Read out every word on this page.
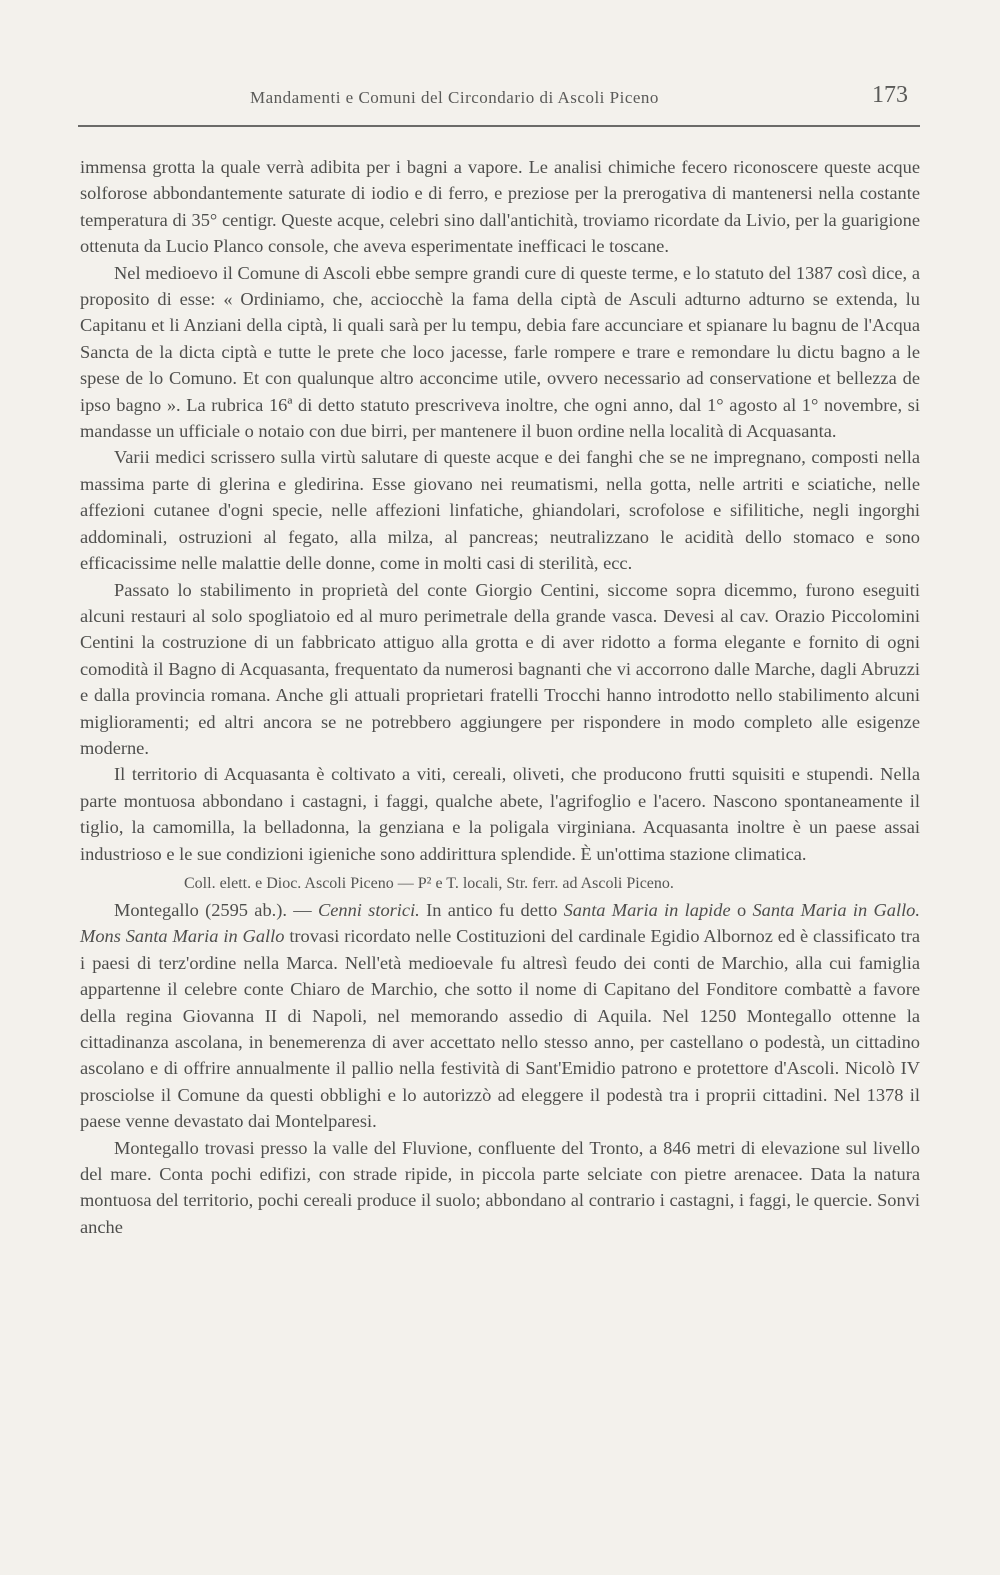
Mandamenti e Comuni del Circondario di Ascoli Piceno	173

immensa grotta la quale verrà adibita per i bagni a vapore. Le analisi chimiche fecero riconoscere queste acque solforose abbondantemente saturate di iodio e di ferro, e preziose per la prerogativa di mantenersi nella costante temperatura di 35° centigr. Queste acque, celebri sino dall'antichità, troviamo ricordate da Livio, per la guarigione ottenuta da Lucio Planco console, che aveva esperimentate inefficaci le toscane.

Nel medioevo il Comune di Ascoli ebbe sempre grandi cure di queste terme, e lo statuto del 1387 così dice, a proposito di esse: « Ordiniamo, che, acciocchè la fama della ciptà de Asculi adturno adturno se extenda, lu Capitanu et li Anziani della ciptà, li quali sarà per lu tempu, debia fare accunciare et spianare lu bagnu de l'Acqua Sancta de la dicta ciptà e tutte le prete che loco jacesse, farle rompere e trare e remondare lu dictu bagno a le spese de lo Comuno. Et con qualunque altro acconcime utile, ovvero necessario ad conservatione et bellezza de ipso bagno ». La rubrica 16ª di detto statuto prescriveva inoltre, che ogni anno, dal 1° agosto al 1° novembre, si mandasse un ufficiale o notaio con due birri, per mantenere il buon ordine nella località di Acquasanta.

Varii medici scrissero sulla virtù salutare di queste acque e dei fanghi che se ne impregnano, composti nella massima parte di glerina e gledirina. Esse giovano nei reumatismi, nella gotta, nelle artriti e sciatiche, nelle affezioni cutanee d'ogni specie, nelle affezioni linfatiche, ghiandolari, scrofolose e sifilitiche, negli ingorghi addominali, ostruzioni al fegato, alla milza, al pancreas; neutralizzano le acidità dello stomaco e sono efficacissime nelle malattie delle donne, come in molti casi di sterilità, ecc.

Passato lo stabilimento in proprietà del conte Giorgio Centini, siccome sopra dicemmo, furono eseguiti alcuni restauri al solo spogliatoio ed al muro perimetrale della grande vasca. Devesi al cav. Orazio Piccolomini Centini la costruzione di un fabbricato attiguo alla grotta e di aver ridotto a forma elegante e fornito di ogni comodità il Bagno di Acquasanta, frequentato da numerosi bagnanti che vi accorrono dalle Marche, dagli Abruzzi e dalla provincia romana. Anche gli attuali proprietari fratelli Trocchi hanno introdotto nello stabilimento alcuni miglioramenti; ed altri ancora se ne potrebbero aggiungere per rispondere in modo completo alle esigenze moderne.

Il territorio di Acquasanta è coltivato a viti, cereali, oliveti, che producono frutti squisiti e stupendi. Nella parte montuosa abbondano i castagni, i faggi, qualche abete, l'agrifoglio e l'acero. Nascono spontaneamente il tiglio, la camomilla, la belladonna, la genziana e la poligala virginiana. Acquasanta inoltre è un paese assai industrioso e le sue condizioni igieniche sono addirittura splendide. È un'ottima stazione climatica.

Coll. elett. e Dioc. Ascoli Piceno — P² e T. locali, Str. ferr. ad Ascoli Piceno.

Montegallo (2595 ab.). — Cenni storici. In antico fu detto Santa Maria in lapide o Santa Maria in Gallo. Mons Santa Maria in Gallo trovasi ricordato nelle Costituzioni del cardinale Egidio Albornoz ed è classificato tra i paesi di terz'ordine nella Marca. Nell'età medioevale fu altresì feudo dei conti de Marchio, alla cui famiglia appartenne il celebre conte Chiaro de Marchio, che sotto il nome di Capitano del Fonditore combattè a favore della regina Giovanna II di Napoli, nel memorando assedio di Aquila. Nel 1250 Montegallo ottenne la cittadinanza ascolana, in benemerenza di aver accettato nello stesso anno, per castellano o podestà, un cittadino ascolano e di offrire annualmente il pallio nella festività di Sant'Emidio patrono e protettore d'Ascoli. Nicolò IV prosciolse il Comune da questi obblighi e lo autorizzò ad eleggere il podestà tra i proprii cittadini. Nel 1378 il paese venne devastato dai Montelparesi.

Montegallo trovasi presso la valle del Fluvione, confluente del Tronto, a 846 metri di elevazione sul livello del mare. Conta pochi edifizi, con strade ripide, in piccola parte selciate con pietre arenacee. Data la natura montuosa del territorio, pochi cereali produce il suolo; abbondano al contrario i castagni, i faggi, le quercie. Sonvi anche
